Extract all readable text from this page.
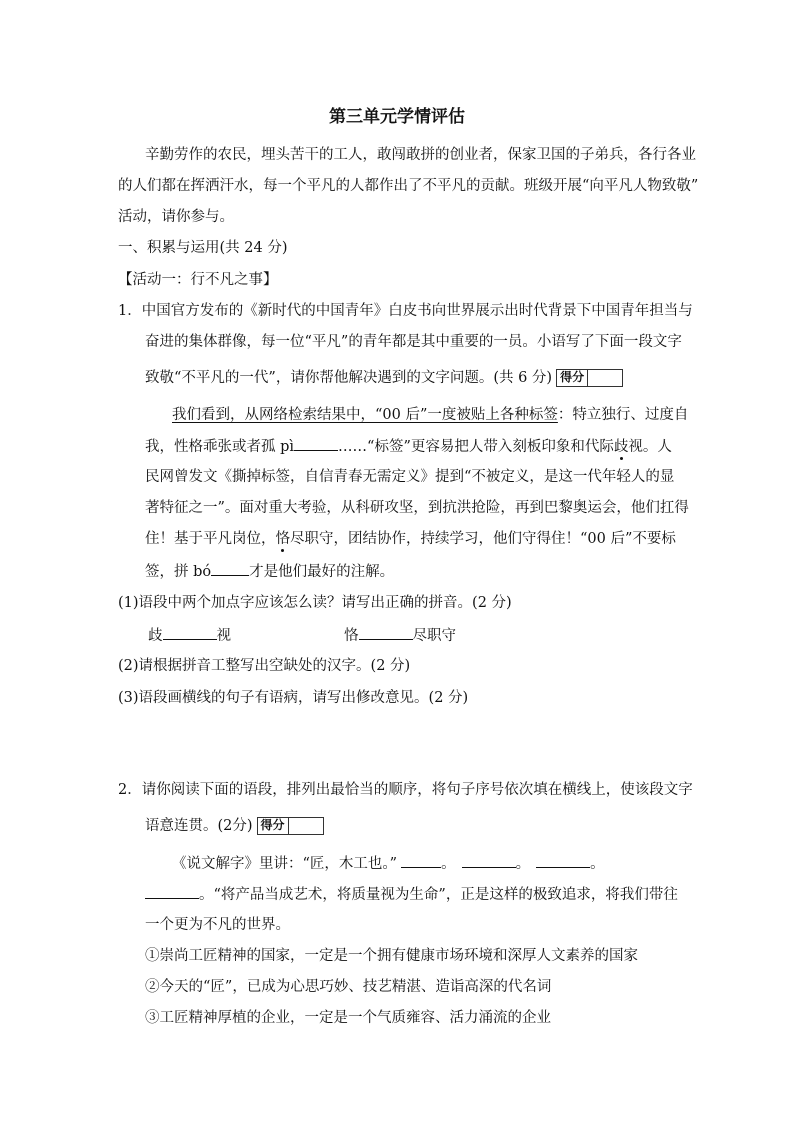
第三单元学情评估
辛勤劳作的农民，埋头苦干的工人，敢闯敢拼的创业者，保家卫国的子弟兵，各行各业
的人们都在挥洒汗水，每一个平凡的人都作出了不平凡的贡献。班级开展“向平凡人物致敬”
活动，请你参与。
一、积累与运用(共 24 分)
【活动一：行不凡之事】
1．中国官方发布的《新时代的中国青年》白皮书向世界展示出时代背景下中国青年担当与
奋进的集体群像，每一位“平凡”的青年都是其中重要的一员。小语写了下面一段文字
致敬“不平凡的一代”，请你帮他解决遇到的文字问题。(共 6 分) 得分
我们看到，从网络检索结果中，“00 后”一度被贴上各种标签：特立独行、过度自
我，性格乖张或者孤 pì	……“标签”更容易把人带入刻板印象和代际歧视。人
民网曾发文《撕掉标签，自信青春无需定义》提到“不被定义，是这一代年轻人的显
著特征之一”。面对重大考验，从科研攻坚，到抗洪抢险，再到巴黎奥运会，他们扛得
住！基于平凡岗位，恪尽职守，团结协作，持续学习，他们守得住！“00 后”不要标
签，拼 bó	才是他们最好的注解。
(1)语段中两个加点字应该怎么读？请写出正确的拼音。(2 分)
歧	视	恪	尽职守
(2)请根据拼音工整写出空缺处的汉字。(2 分)
(3)语段画横线的句子有语病，请写出修改意见。(2 分)
2．请你阅读下面的语段，排列出最恰当的顺序，将句子序号依次填在横线上，使该段文字
语意连贯。(2分) 得分
《说文解字》里讲：“匠，木工也。”	。	。	。
。“将产品当成艺术，将质量视为生命”，正是这样的极致追求，将我们带往
一个更为不凡的世界。
①崇尚工匠精神的国家，一定是一个拥有健康市场环境和深厚人文素养的国家
②今天的“匠”，已成为心思巧妙、技艺精湛、造诣高深的代名词
③工匠精神厚植的企业，一定是一个气质雍容、活力涌流的企业
